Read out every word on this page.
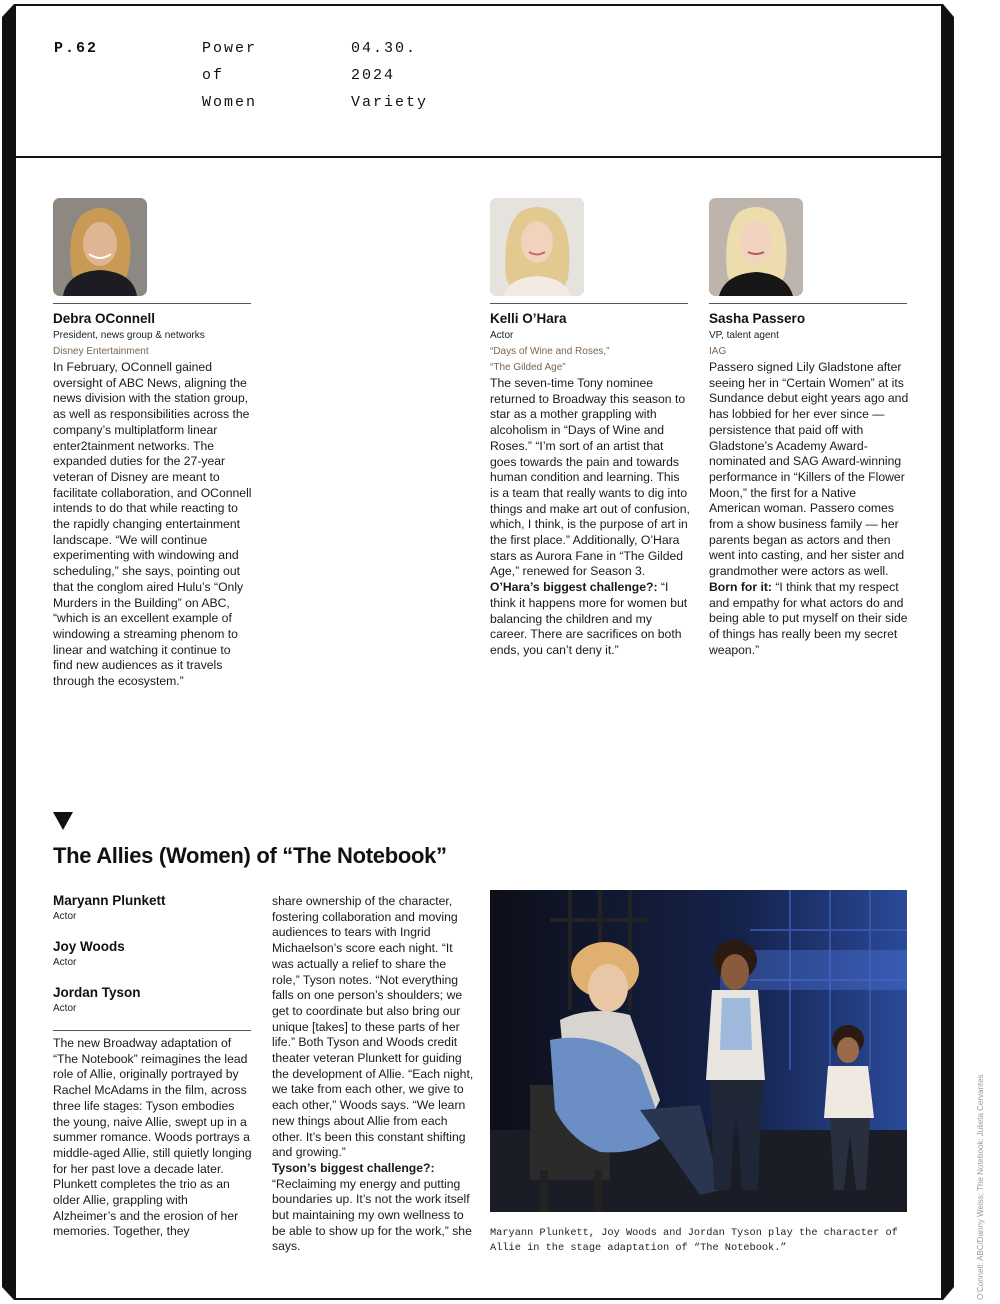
P.62	Power
of
Women
04.30.
2024
Variety
Debra OConnell
President, news group & networks
Disney Entertainment
In February, OConnell gained oversight of ABC News, aligning the news division with the station group, as well as responsibilities across the company’s multiplatform linear enter2tainment networks. The expanded duties for the 27-year veteran of Disney are meant to facilitate collaboration, and OConnell intends to do that while reacting to the rapidly changing entertainment landscape. “We will continue experimenting with windowing and scheduling,” she says, pointing out that the conglom aired Hulu’s “Only Murders in the Building” on ABC, “which is an excellent example of windowing a streaming phenom to linear and watching it continue to find new audiences as it travels through the ecosystem.”
Kelli O’Hara
Actor
“Days of Wine and Roses,”
“The Gilded Age”
The seven-time Tony nominee returned to Broadway this season to star as a mother grappling with alcoholism in “Days of Wine and Roses.” “I’m sort of an artist that goes towards the pain and towards human condition and learning. This is a team that really wants to dig into things and make art out of confusion, which, I think, is the purpose of art in the first place.” Additionally, O’Hara stars as Aurora Fane in “The Gilded Age,” renewed for Season 3.
O’Hara’s biggest challenge?: “I think it happens more for women but balancing the children and my career. There are sacrifices on both ends, you can’t deny it.”
Sasha Passero
VP, talent agent
IAG
Passero signed Lily Gladstone after seeing her in “Certain Women” at its Sundance debut eight years ago and has lobbied for her ever since — persistence that paid off with Gladstone’s Academy Award-nominated and SAG Award-winning performance in “Killers of the Flower Moon,” the first for a Native American woman. Passero comes from a show business family — her parents began as actors and then went into casting, and her sister and grandmother were actors as well.
Born for it: “I think that my respect and empathy for what actors do and being able to put myself on their side of things has really been my secret weapon.”
The Allies (Women) of “The Notebook”
Maryann Plunkett
Actor
Joy Woods
Actor
Jordan Tyson
Actor
The new Broadway adaptation of “The Notebook” reimagines the lead role of Allie, originally portrayed by Rachel McAdams in the film, across three life stages: Tyson embodies the young, naive Allie, swept up in a summer romance. Woods portrays a middle-aged Allie, still quietly longing for her past love a decade later. Plunkett completes the trio as an older Allie, grappling with Alzheimer’s and the erosion of her memories. Together, they
share ownership of the character, fostering collaboration and moving audiences to tears with Ingrid Michaelson’s score each night. “It was actually a relief to share the role,” Tyson notes. “Not everything falls on one person’s shoulders; we get to coordinate but also bring our unique [takes] to these parts of her life.” Both Tyson and Woods credit theater veteran Plunkett for guiding the development of Allie. “Each night, we take from each other, we give to each other,” Woods says. “We learn new things about Allie from each other. It’s been this constant shifting and growing.”
Tyson’s biggest challenge?: “Reclaiming my energy and putting boundaries up. It’s not the work itself but maintaining my own wellness to be able to show up for the work,” she says.
Maryann Plunkett, Joy Woods and Jordan Tyson play the character of Allie in the stage adaptation of “The Notebook.”	O’Connell: ABC/Danny Weiss; The Notebook: Julieta Cervantes
